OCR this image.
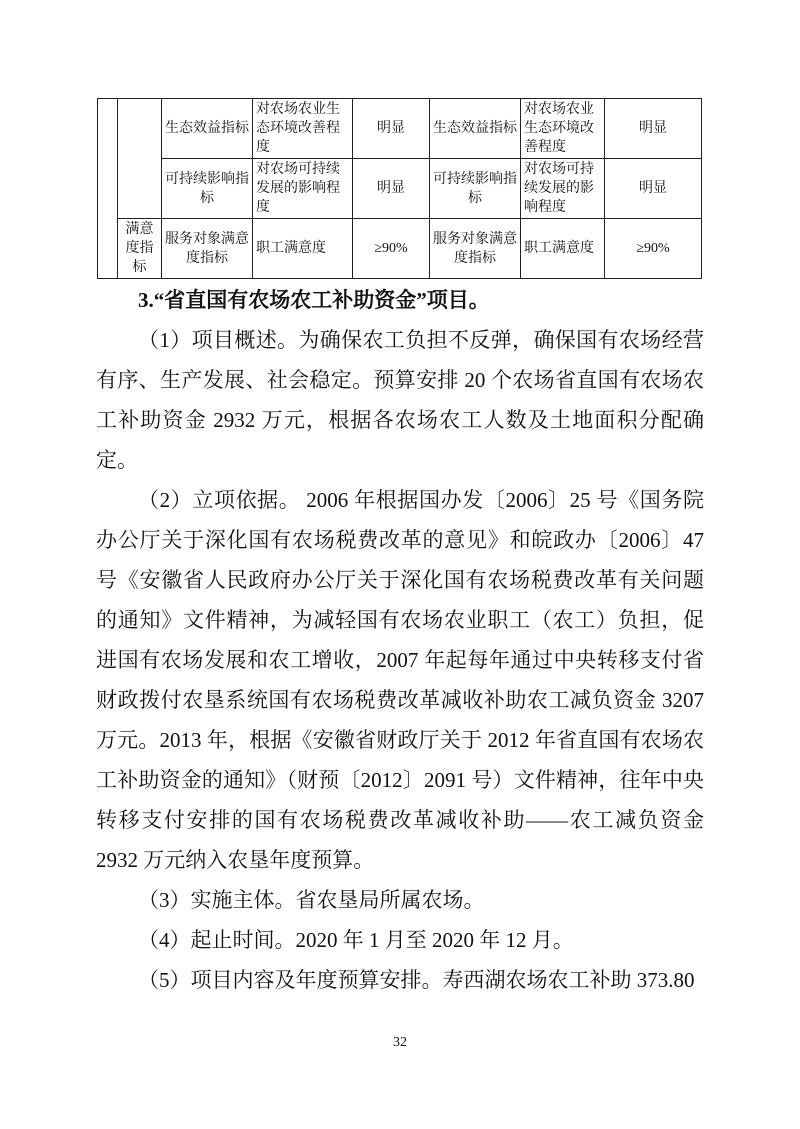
		生态效益指标	对农场农业生态环境改善程度	明显	生态效益指标	对农场农业生态环境改善程度	明显
		可持续影响指标	对农场可持续发展的影响程度	明显	可持续影响指标	对农场可持续发展的影响程度	明显
	满意度指标	服务对象满意度指标	职工满意度	≥90%	服务对象满意度指标	职工满意度	≥90%

3.“省直国有农场农工补助资金”项目。

（1）项目概述。为确保农工负担不反弹，确保国有农场经营有序、生产发展、社会稳定。预算安排 20 个农场省直国有农场农工补助资金 2932 万元，根据各农场农工人数及土地面积分配确定。

（2）立项依据。 2006 年根据国办发〔2006〕25 号《国务院办公厅关于深化国有农场税费改革的意见》和皖政办〔2006〕47 号《安徽省人民政府办公厅关于深化国有农场税费改革有关问题的通知》文件精神，为减轻国有农场农业职工（农工）负担，促进国有农场发展和农工增收，2007 年起每年通过中央转移支付省财政拨付农垦系统国有农场税费改革减收补助农工减负资金 3207 万元。2013 年，根据《安徽省财政厅关于 2012 年省直国有农场农工补助资金的通知》（财预〔2012〕2091 号）文件精神，往年中央转移支付安排的国有农场税费改革减收补助——农工减负资金 2932 万元纳入农垦年度预算。

（3）实施主体。省农垦局所属农场。

（4）起止时间。2020 年 1 月至 2020 年 12 月。

（5）项目内容及年度预算安排。寿西湖农场农工补助 373.80

32
